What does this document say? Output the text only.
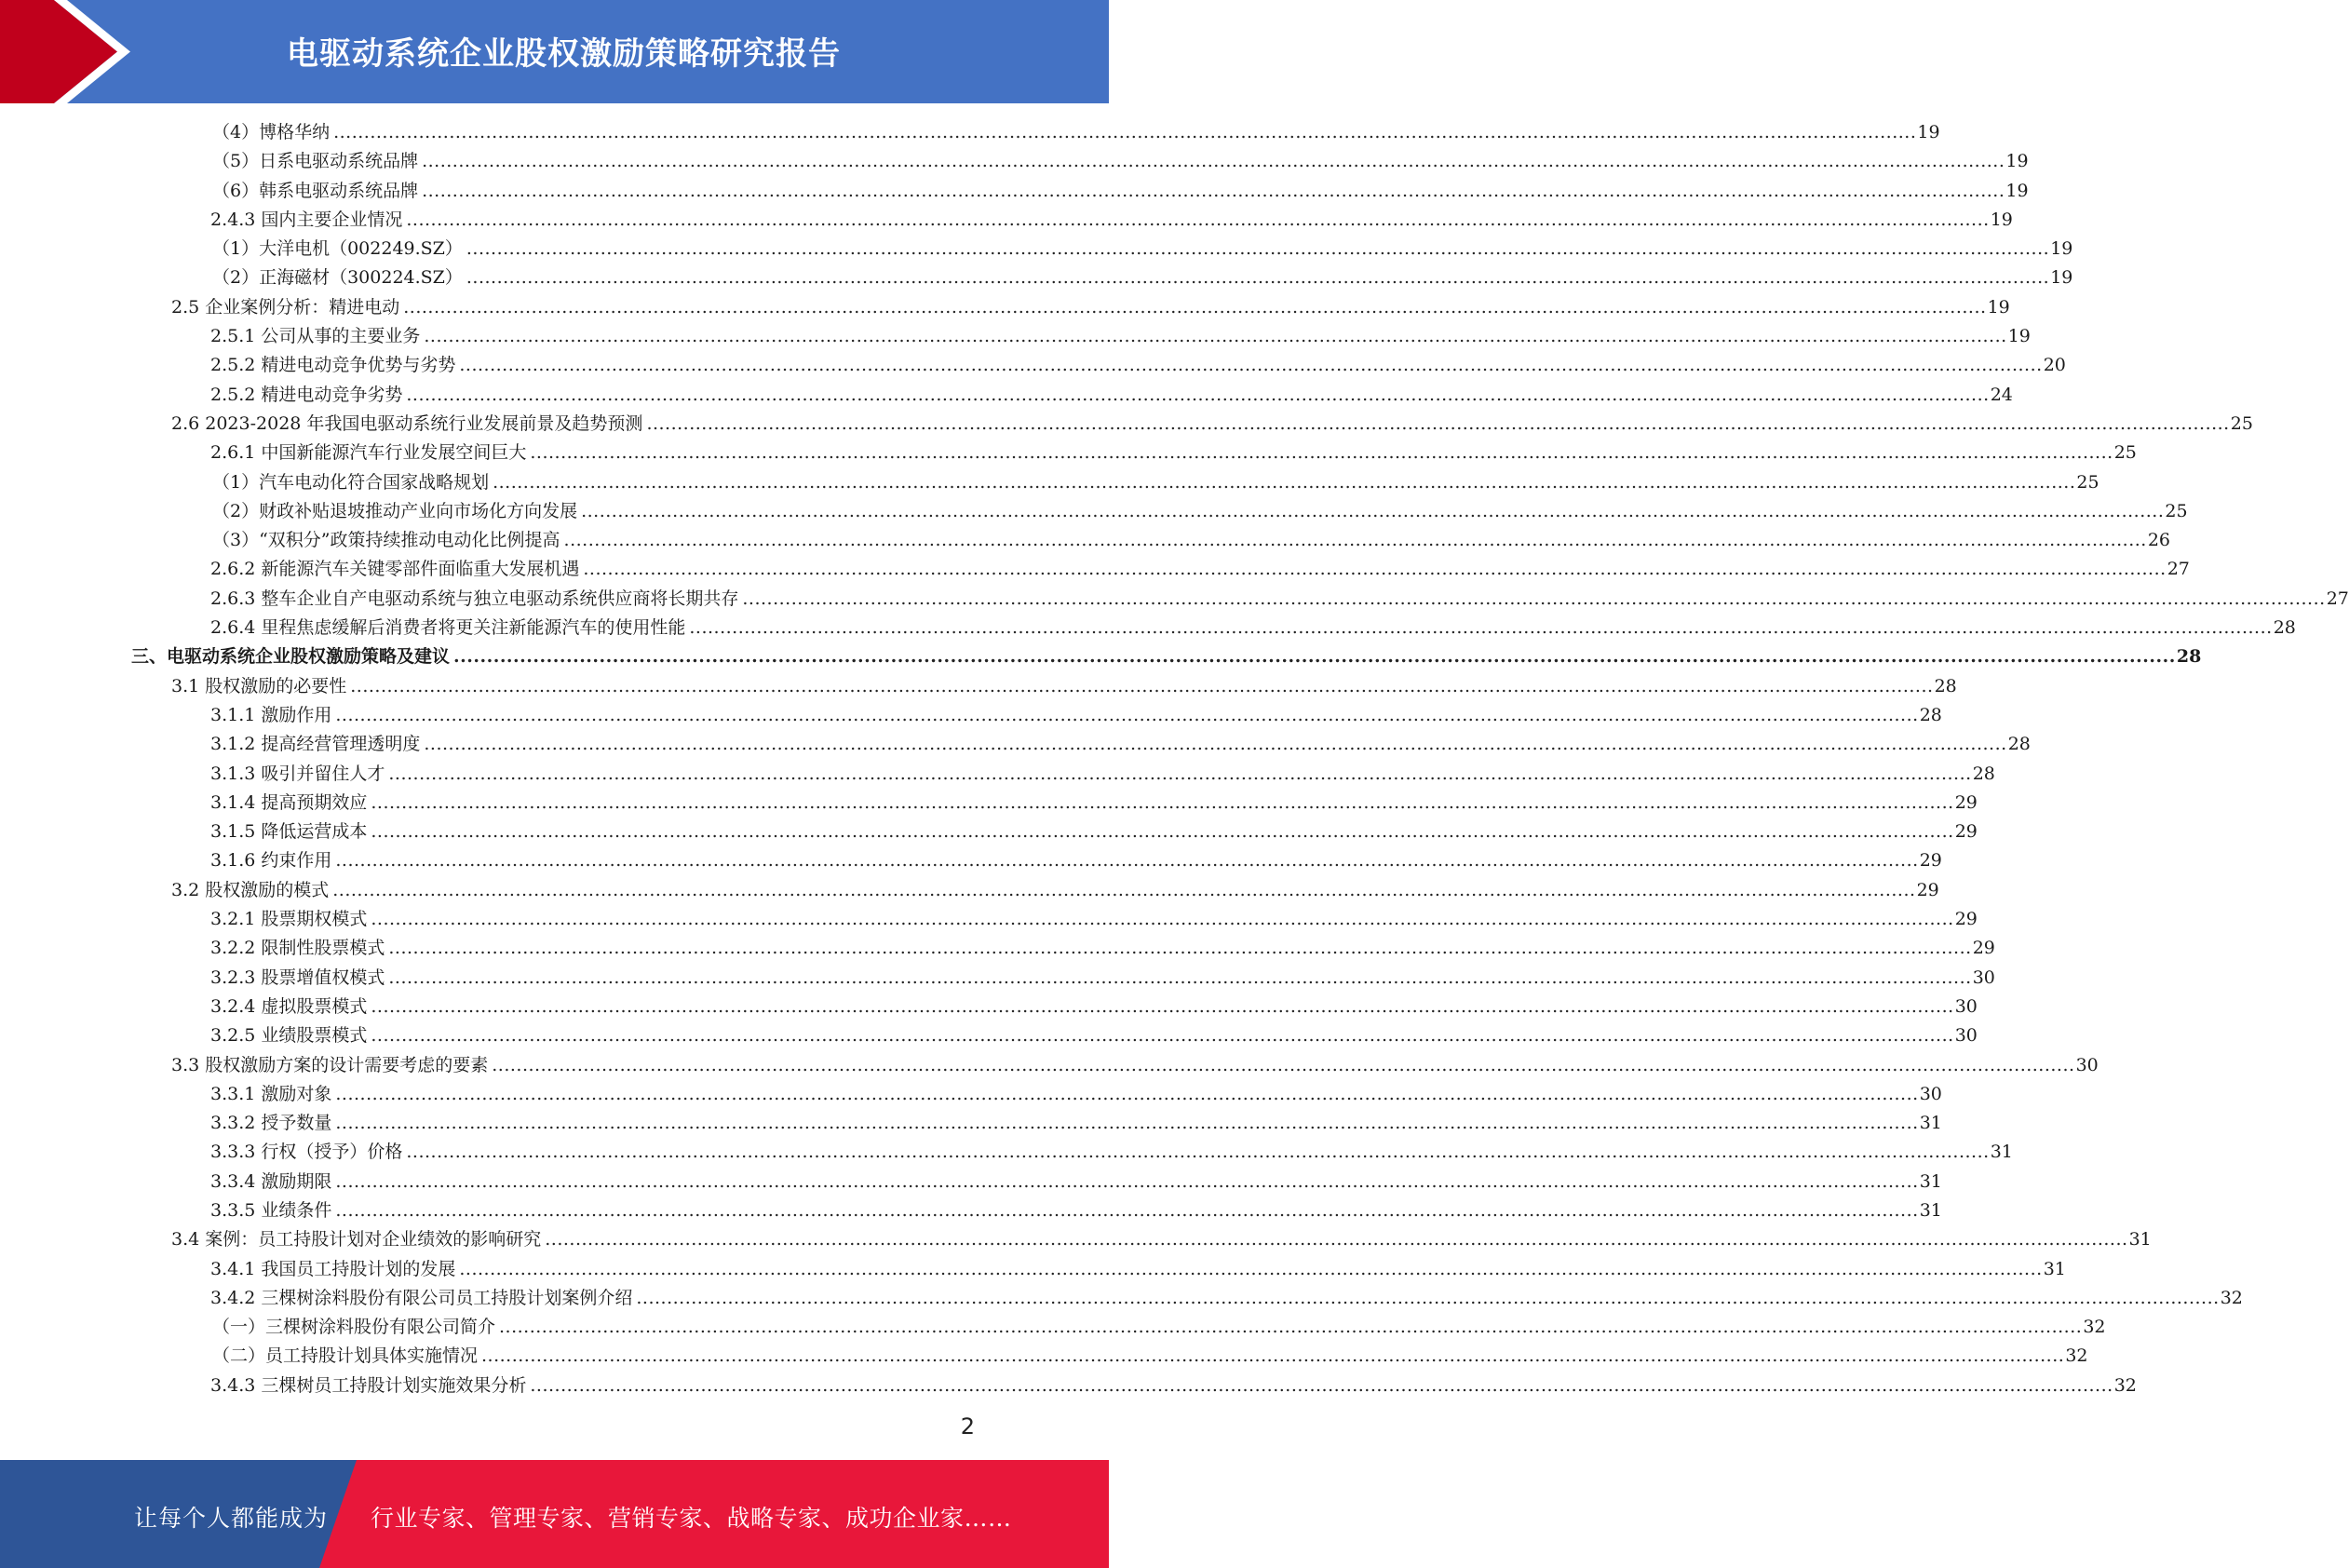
电驱动系统企业股权激励策略研究报告
（4）博格华纳 .................................................................................................................................................................................................................................................................... 19
（5）日系电驱动系统品牌 .................................................................................................................................................................................................................................................................... 19
（6）韩系电驱动系统品牌 .................................................................................................................................................................................................................................................................... 19
2.4.3 国内主要企业情况 .................................................................................................................................................................................................................................................................... 19
（1）大洋电机（002249.SZ） .................................................................................................................................................................................................................................................................... 19
（2）正海磁材（300224.SZ） .................................................................................................................................................................................................................................................................... 19
2.5 企业案例分析：精进电动 .................................................................................................................................................................................................................................................................... 19
2.5.1 公司从事的主要业务 .................................................................................................................................................................................................................................................................... 19
2.5.2 精进电动竞争优势与劣势 .................................................................................................................................................................................................................................................................... 20
2.5.2 精进电动竞争劣势 .................................................................................................................................................................................................................................................................... 24
2.6 2023-2028 年我国电驱动系统行业发展前景及趋势预测 .................................................................................................................................................................................................................................................................... 25
2.6.1 中国新能源汽车行业发展空间巨大 .................................................................................................................................................................................................................................................................... 25
（1）汽车电动化符合国家战略规划 .................................................................................................................................................................................................................................................................... 25
（2）财政补贴退坡推动产业向市场化方向发展 .................................................................................................................................................................................................................................................................... 25
（3）“双积分”政策持续推动电动化比例提高 .................................................................................................................................................................................................................................................................... 26
2.6.2 新能源汽车关键零部件面临重大发展机遇 .................................................................................................................................................................................................................................................................... 27
2.6.3 整车企业自产电驱动系统与独立电驱动系统供应商将长期共存 .................................................................................................................................................................................................................................................................... 27
2.6.4 里程焦虑缓解后消费者将更关注新能源汽车的使用性能 .................................................................................................................................................................................................................................................................... 28
三、电驱动系统企业股权激励策略及建议 .................................................................................................................................................................................................................................................................... 28
3.1 股权激励的必要性 .................................................................................................................................................................................................................................................................... 28
3.1.1 激励作用 .................................................................................................................................................................................................................................................................... 28
3.1.2 提高经营管理透明度 .................................................................................................................................................................................................................................................................... 28
3.1.3 吸引并留住人才 .................................................................................................................................................................................................................................................................... 28
3.1.4 提高预期效应 .................................................................................................................................................................................................................................................................... 29
3.1.5 降低运营成本 .................................................................................................................................................................................................................................................................... 29
3.1.6 约束作用 .................................................................................................................................................................................................................................................................... 29
3.2 股权激励的模式 .................................................................................................................................................................................................................................................................... 29
3.2.1 股票期权模式 .................................................................................................................................................................................................................................................................... 29
3.2.2 限制性股票模式 .................................................................................................................................................................................................................................................................... 29
3.2.3 股票增值权模式 .................................................................................................................................................................................................................................................................... 30
3.2.4 虚拟股票模式 .................................................................................................................................................................................................................................................................... 30
3.2.5 业绩股票模式 .................................................................................................................................................................................................................................................................... 30
3.3 股权激励方案的设计需要考虑的要素 .................................................................................................................................................................................................................................................................... 30
3.3.1 激励对象 .................................................................................................................................................................................................................................................................... 30
3.3.2 授予数量 .................................................................................................................................................................................................................................................................... 31
3.3.3 行权（授予）价格 .................................................................................................................................................................................................................................................................... 31
3.3.4 激励期限 .................................................................................................................................................................................................................................................................... 31
3.3.5 业绩条件 .................................................................................................................................................................................................................................................................... 31
3.4 案例：员工持股计划对企业绩效的影响研究 .................................................................................................................................................................................................................................................................... 31
3.4.1 我国员工持股计划的发展 .................................................................................................................................................................................................................................................................... 31
3.4.2 三棵树涂料股份有限公司员工持股计划案例介绍 .................................................................................................................................................................................................................................................................... 32
（一）三棵树涂料股份有限公司简介 .................................................................................................................................................................................................................................................................... 32
（二）员工持股计划具体实施情况 .................................................................................................................................................................................................................................................................... 32
3.4.3 三棵树员工持股计划实施效果分析 .................................................................................................................................................................................................................................................................... 32
2
让每个人都能成为 行业专家、管理专家、营销专家、战略专家、成功企业家……
